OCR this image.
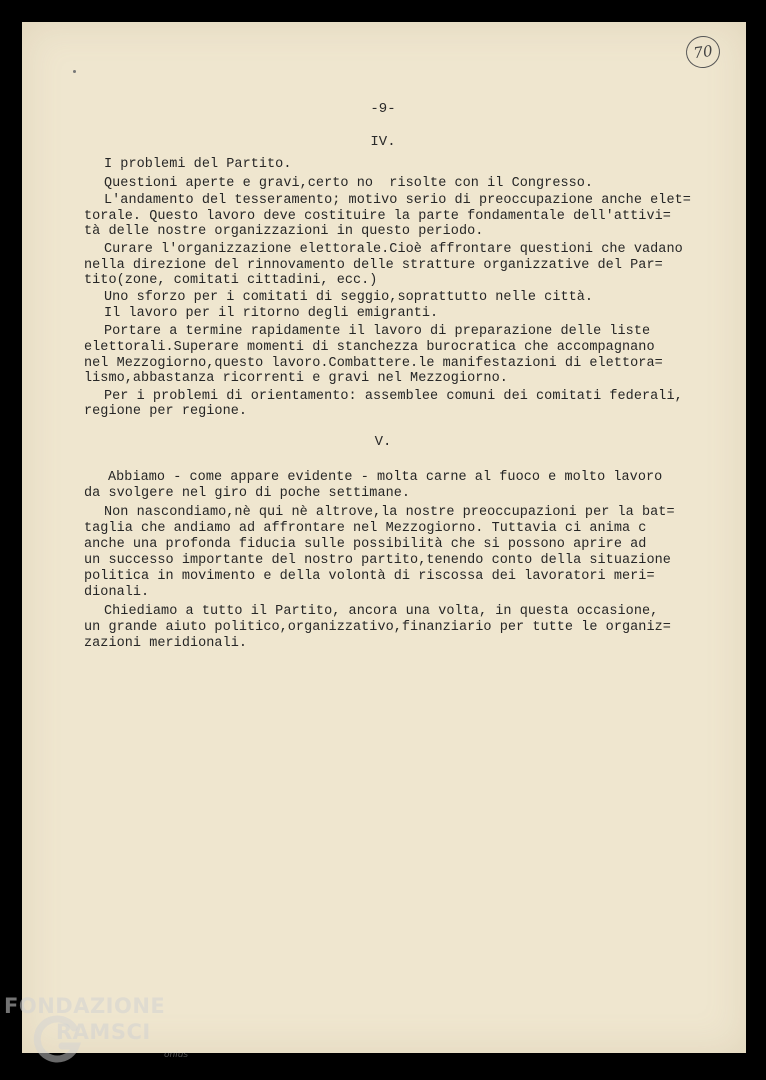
70
-9-
IV.
I problemi del Partito.
Questioni aperte e gravi,certo no  risolte con il Congresso.
L'andamento del tesseramento; motivo serio di preoccupazione anche elet=
torale. Questo lavoro deve costituire la parte fondamentale dell'attivi=
tà delle nostre organizzazioni in questo periodo.
Curare l'organizzazione elettorale.Cioè affrontare questioni che vadano
nella direzione del rinnovamento delle stratture organizzative del Par=
tito(zone, comitati cittadini, ecc.)
Uno sforzo per i comitati di seggio,soprattutto nelle città.
Il lavoro per il ritorno degli emigranti.
Portare a termine rapidamente il lavoro di preparazione delle liste
elettorali.Superare momenti di stanchezza burocratica che accompagnano
nel Mezzogiorno,questo lavoro.Combattere.le manifestazioni di elettora=
lismo,abbastanza ricorrenti e gravi nel Mezzogiorno.
Per i problemi di orientamento: assemblee comuni dei comitati federali,
regione per regione.
V.
Abbiamo - come appare evidente - molta carne al fuoco e molto lavoro
da svolgere nel giro di poche settimane.
Non nascondiamo,nè qui nè altrove,la nostre preoccupazioni per la bat=
taglia che andiamo ad affrontare nel Mezzogiorno. Tuttavia ci anima c
anche una profonda fiducia sulle possibilità che si possono aprire ad
un successo importante del nostro partito,tenendo conto della situazione
politica in movimento e della volontà di riscossa dei lavoratori meri=
dionali.
Chiediamo a tutto il Partito, ancora una volta, in questa occasione,
un grande aiuto politico,organizzativo,finanziario per tutte le organiz=
zazioni meridionali.
FONDAZIONE
RAMSCI
onlus
